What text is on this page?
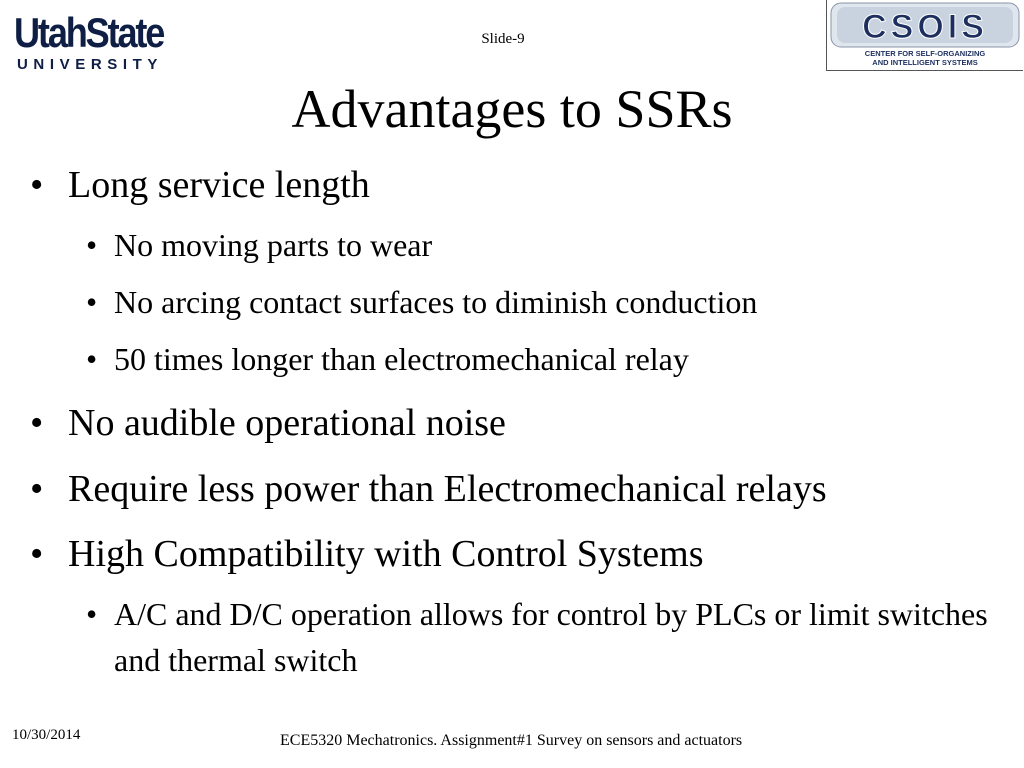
UtahState
UNIVERSITY
Slide-9	CSOIS
CENTER FOR SELF-ORGANIZING
AND INTELLIGENT SYSTEMS
Advantages to SSRs
• Long service length
• No moving parts to wear
• No arcing contact surfaces to diminish conduction
• 50 times longer than electromechanical relay
• No audible operational noise
• Require less power than Electromechanical relays
• High Compatibility with Control Systems
• A/C and D/C operation allows for control by PLCs or limit switches and thermal switch
10/30/2014	ECE5320 Mechatronics. Assignment#1 Survey on sensors and actuators
